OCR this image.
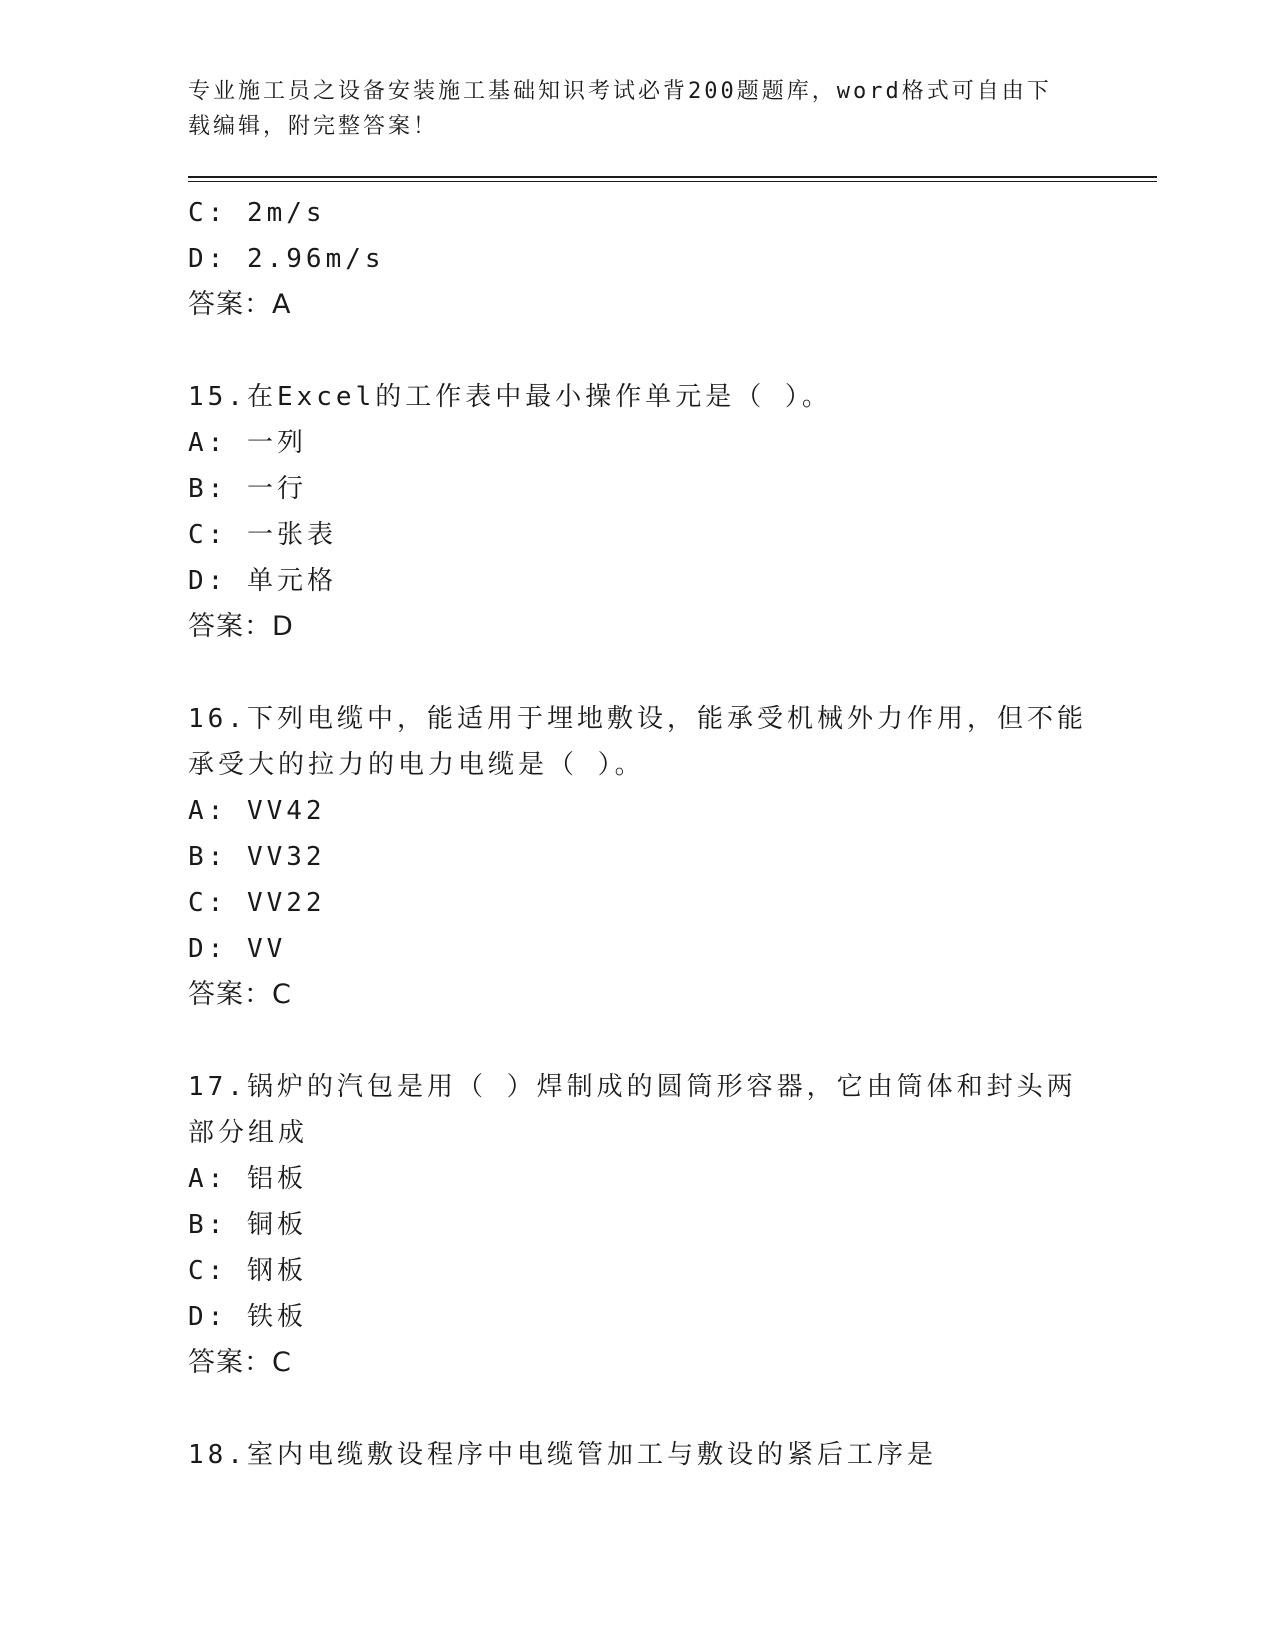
专业施工员之设备安装施工基础知识考试必背200题题库，word格式可自由下载编辑，附完整答案！
C: 2m/s
D: 2.96m/s
答案：A
15.在Excel的工作表中最小操作单元是（ ）。
A: 一列
B: 一行
C: 一张表
D: 单元格
答案：D
16.下列电缆中，能适用于埋地敷设，能承受机械外力作用，但不能承受大的拉力的电力电缆是（ ）。
A: VV42
B: VV32
C: VV22
D: VV
答案：C
17.锅炉的汽包是用（ ）焊制成的圆筒形容器，它由筒体和封头两部分组成
A: 铝板
B: 铜板
C: 钢板
D: 铁板
答案：C
18.室内电缆敷设程序中电缆管加工与敷设的紧后工序是
